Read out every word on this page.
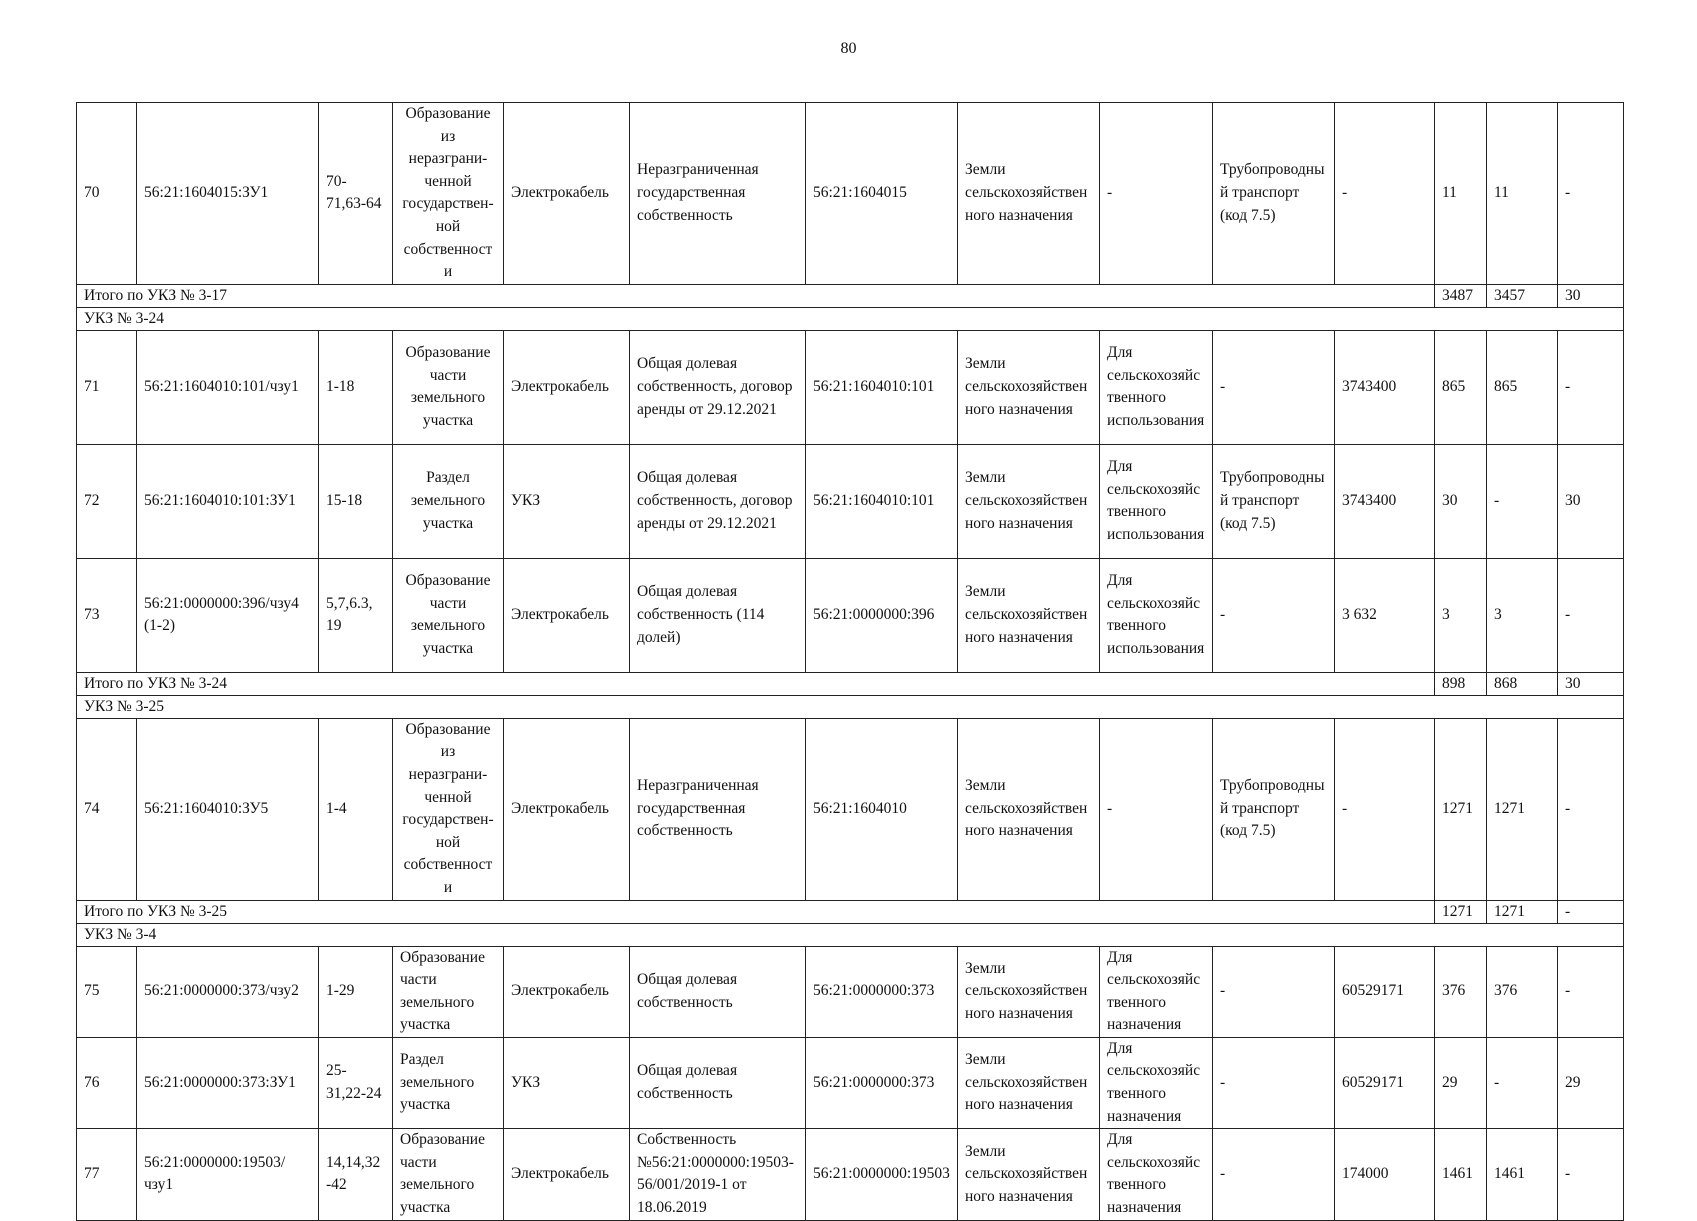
80
70	56:21:1604015:ЗУ1	70-71,63-64	Образование из неразграни-ченной государствен-ной собственности	Электрокабель	Неразграниченная государственная собственность	56:21:1604015	Земли сельскохозяйственного назначения	-	Трубопроводный транспорт (код 7.5)	-	11	11	-
Итого по УКЗ № 3-17											3487	3457	30
УКЗ № 3-24													
71	56:21:1604010:101/чзу1	1-18	Образование части земельного участка	Электрокабель	Общая долевая собственность, договор аренды от 29.12.2021	56:21:1604010:101	Земли сельскохозяйственного назначения	Для сельскохозяйственного использования	-	3743400	865	865	-
72	56:21:1604010:101:ЗУ1	15-18	Раздел земельного участка	УКЗ	Общая долевая собственность, договор аренды от 29.12.2021	56:21:1604010:101	Земли сельскохозяйственного назначения	Для сельскохозяйственного использования	Трубопроводный транспорт (код 7.5)	3743400	30	-	30
73	56:21:0000000:396/чзу4 (1-2)	5,7,6.3, 19	Образование части земельного участка	Электрокабель	Общая долевая собственность (114 долей)	56:21:0000000:396	Земли сельскохозяйственного назначения	Для сельскохозяйственного использования	-	3 632	3	3	-
Итого по УКЗ № 3-24											898	868	30
УКЗ № 3-25													
74	56:21:1604010:ЗУ5	1-4	Образование из неразграни-ченной государствен-ной собственности	Электрокабель	Неразграниченная государственная собственность	56:21:1604010	Земли сельскохозяйственного назначения	-	Трубопроводный транспорт (код 7.5)	-	1271	1271	-
Итого по УКЗ № 3-25											1271	1271	-
УКЗ № 3-4													
75	56:21:0000000:373/чзу2	1-29	Образование части земельного участка	Электрокабель	Общая долевая собственность	56:21:0000000:373	Земли сельскохозяйственного назначения	Для сельскохозяйственного назначения	-	60529171	376	376	-
76	56:21:0000000:373:ЗУ1	25-31,22-24	Раздел земельного участка	УКЗ	Общая долевая собственность	56:21:0000000:373	Земли сельскохозяйственного назначения	Для сельскохозяйственного назначения	-	60529171	29	-	29
77	56:21:0000000:19503/чзу1	14,14,32-42	Образование части земельного участка	Электрокабель	Собственность №56:21:0000000:19503-56/001/2019-1 от 18.06.2019	56:21:0000000:19503	Земли сельскохозяйственного назначения	Для сельскохозяйственного назначения	-	174000	1461	1461	-
